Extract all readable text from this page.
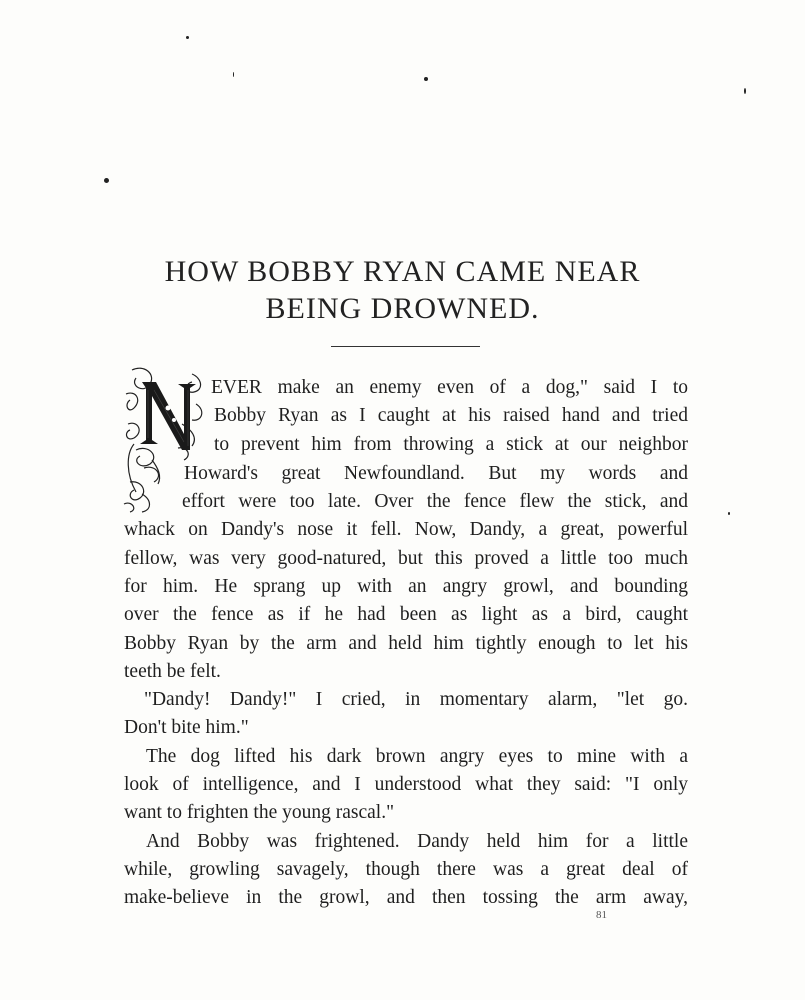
HOW BOBBY RYAN CAME NEAR
BEING DROWNED.
EVER make an enemy even of a dog," said I to
Bobby Ryan as I caught at his raised hand and tried
to prevent him from throwing a stick at our neighbor
Howard's great Newfoundland. But my words and
effort were too late. Over the fence flew the stick, and
whack on Dandy's nose it fell. Now, Dandy, a great, powerful
fellow, was very good-natured, but this proved a little too much
for him. He sprang up with an angry growl, and bounding
over the fence as if he had been as light as a bird, caught
Bobby Ryan by the arm and held him tightly enough to let his
teeth be felt.
"Dandy! Dandy!" I cried, in momentary alarm, "let go.
Don't bite him."
The dog lifted his dark brown angry eyes to mine with a
look of intelligence, and I understood what they said: "I only
want to frighten the young rascal."
And Bobby was frightened. Dandy held him for a little
while, growling savagely, though there was a great deal of
make-believe in the growl, and then tossing the arm away,
81
